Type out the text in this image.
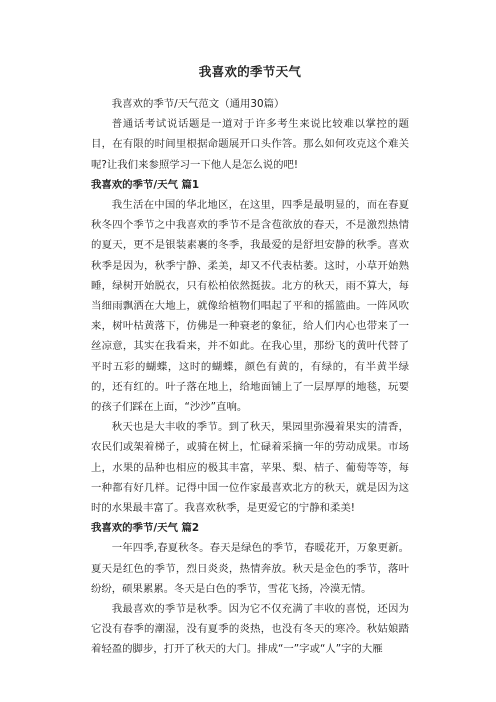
我喜欢的季节天气

我喜欢的季节/天气范文（通用30篇）

普通话考试说话题是一道对于许多考生来说比较难以掌控的题目，在有限的时间里根据命题展开口头作答。那么如何攻克这个难关呢?让我们来参照学习一下他人是怎么说的吧!

我喜欢的季节/天气 篇1

我生活在中国的华北地区，在这里，四季是最明显的，而在春夏秋冬四个季节之中我喜欢的季节不是含苞欲放的春天，不是激烈热情的夏天，更不是银装素裹的冬季，我最爱的是舒坦安静的秋季。喜欢秋季是因为，秋季宁静、柔美，却又不代表枯萎。这时，小草开始熟睡，绿树开始脱衣，只有松柏依然挺拔。北方的秋天，雨不算大，每当细雨飘洒在大地上，就像给植物们唱起了平和的摇篮曲。一阵风吹来，树叶枯黄落下，仿佛是一种衰老的象征，给人们内心也带来了一丝凉意，其实在我看来，并不如此。在我心里，那纷飞的黄叶代替了平时五彩的蝴蝶，这时的蝴蝶，颜色有黄的，有绿的，有半黄半绿的，还有红的。叶子落在地上，给地面铺上了一层厚厚的地毯，玩要的孩子们踩在上面，“沙沙”直响。

秋天也是大丰收的季节。到了秋天，果园里弥漫着果实的清香，农民们或架着梯子，或骑在树上，忙碌着采摘一年的劳动成果。市场上，水果的品种也相应的极其丰富，苹果、梨、桔子、葡萄等等，每一种都有好几样。记得中国一位作家最喜欢北方的秋天，就是因为这时的水果最丰富了。我喜欢秋季，是更爱它的宁静和柔美!

我喜欢的季节/天气 篇2

一年四季,春夏秋冬。春天是绿色的季节，春暖花开，万象更新。夏天是红色的季节，烈日炎炎，热情奔放。秋天是金色的季节，落叶纷纷，硕果累累。冬天是白色的季节，雪花飞扬，冷漠无情。

我最喜欢的季节是秋季。因为它不仅充满了丰收的喜悦，还因为它没有春季的潮湿，没有夏季的炎热，也没有冬天的寒冷。秋姑娘踏着轻盈的脚步，打开了秋天的大门。排成“一”字或“人”字的大雁
